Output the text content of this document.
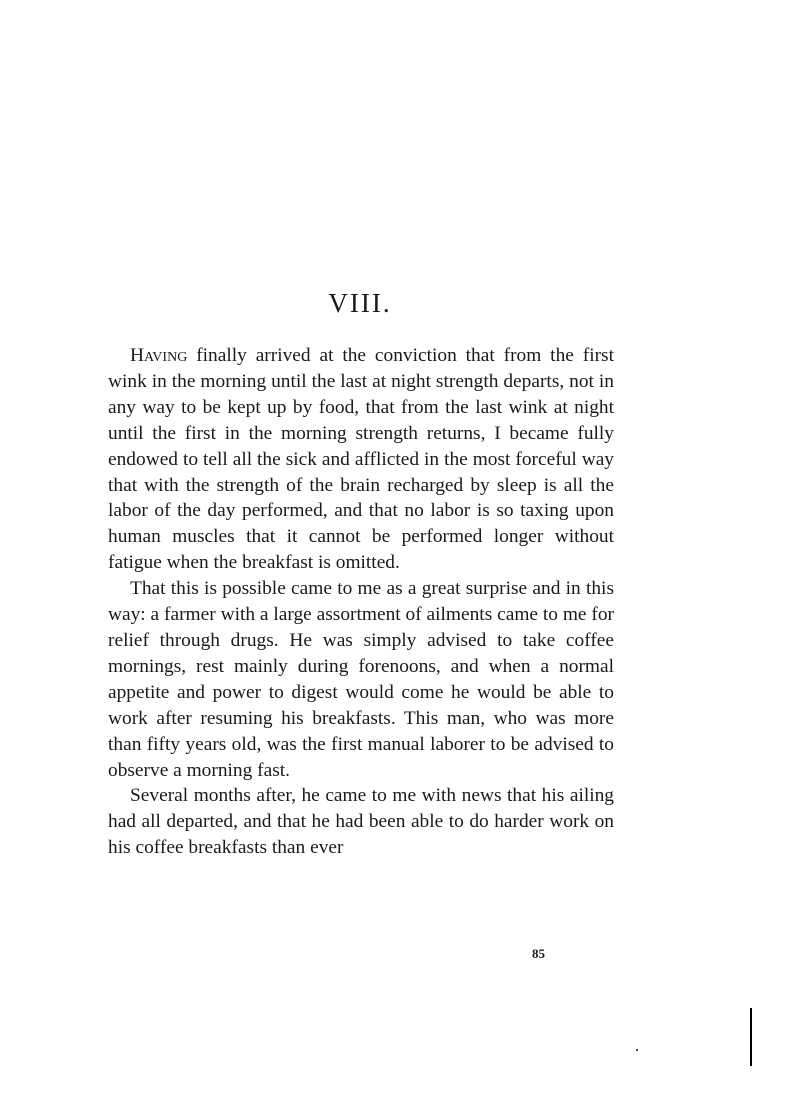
VIII.

Having finally arrived at the conviction that from the first wink in the morning until the last at night strength departs, not in any way to be kept up by food, that from the last wink at night until the first in the morning strength returns, I became fully endowed to tell all the sick and afflicted in the most forceful way that with the strength of the brain recharged by sleep is all the labor of the day performed, and that no labor is so taxing upon human muscles that it cannot be performed longer without fatigue when the breakfast is omitted.

That this is possible came to me as a great surprise and in this way: a farmer with a large assortment of ailments came to me for relief through drugs. He was simply advised to take coffee mornings, rest mainly during forenoons, and when a normal appetite and power to digest would come he would be able to work after resuming his breakfasts. This man, who was more than fifty years old, was the first manual laborer to be advised to observe a morning fast.

Several months after, he came to me with news that his ailing had all departed, and that he had been able to do harder work on his coffee breakfasts than ever

85
